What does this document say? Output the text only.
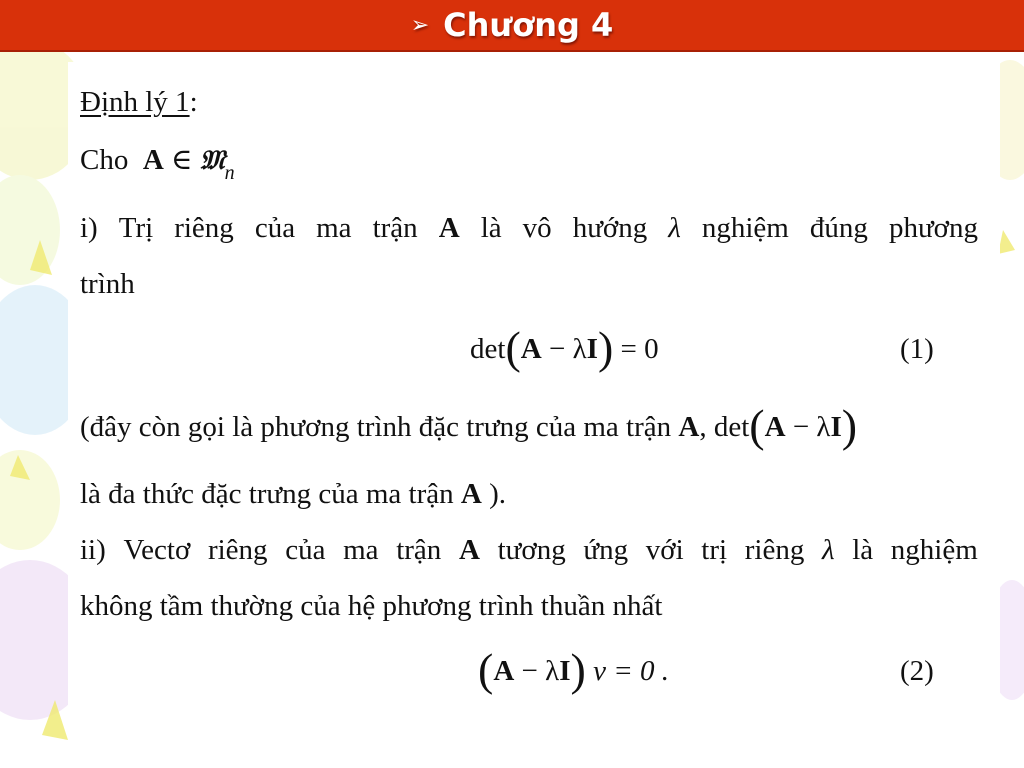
➢ Chương 4
Định lý 1:
Cho A ∈ 𝔐$_n$
i) Trị riêng của ma trận A là vô hướng λ nghiệm đúng phương
trình
det(A − λI) = 0	(1)
(đây còn gọi là phương trình đặc trưng của ma trận A, det(A − λI)
là đa thức đặc trưng của ma trận A ).
ii) Vectơ riêng của ma trận A tương ứng với trị riêng λ là nghiệm
không tầm thường của hệ phương trình thuần nhất
(A − λI) v = 0 .	(2)
